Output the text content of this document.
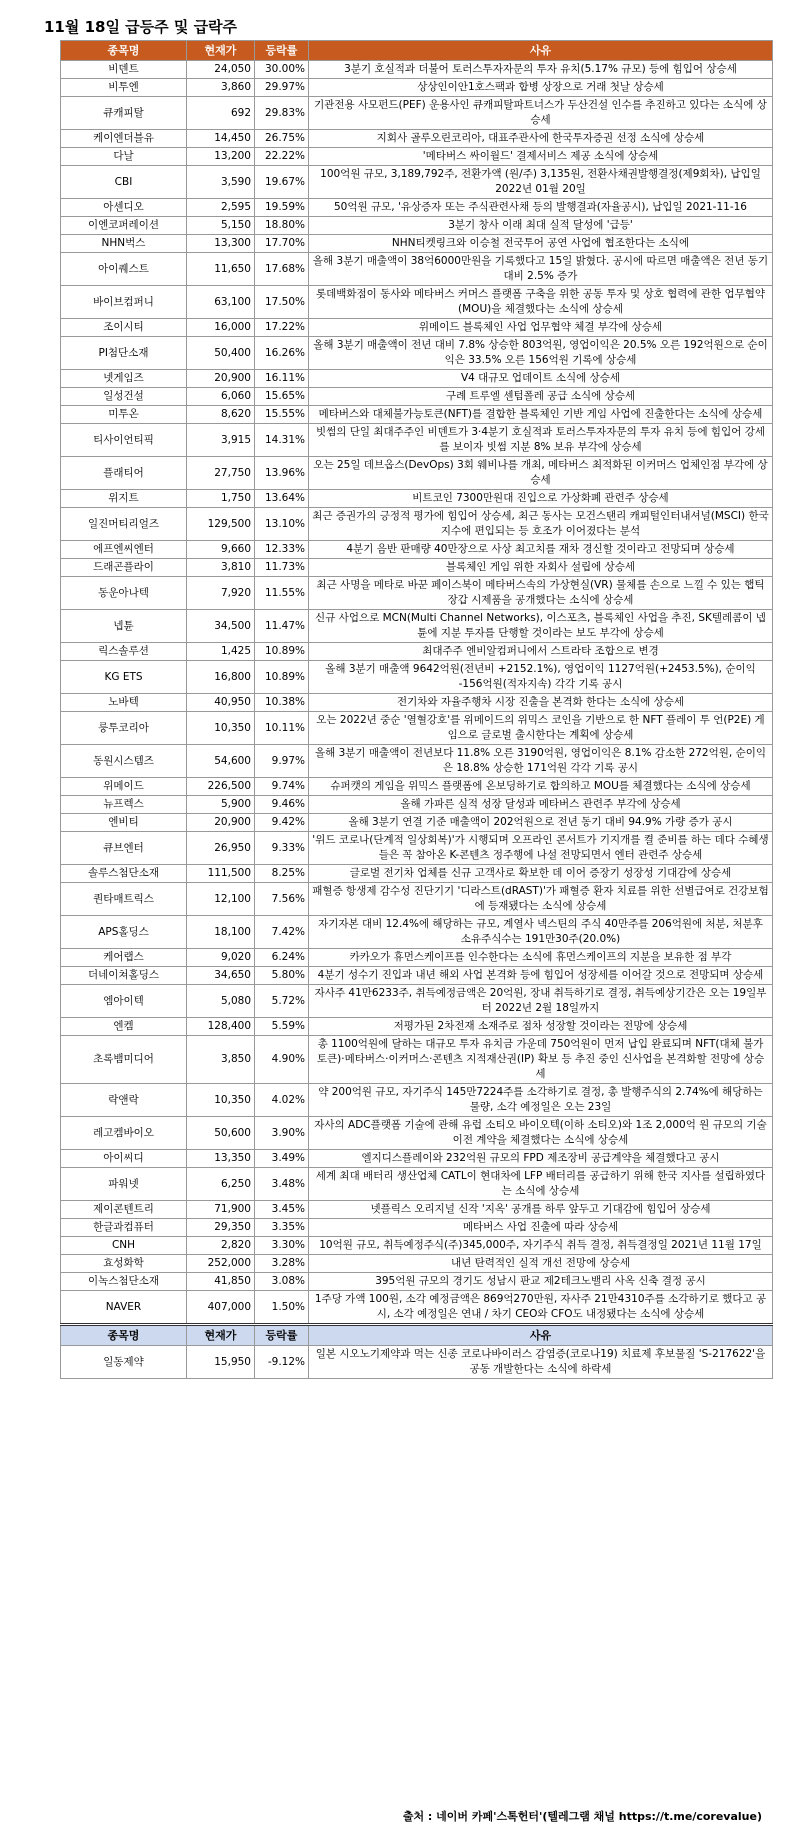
11월 18일 급등주 및 급락주
종목명	현재가	등락률	사유
비덴트	24,050	30.00%	3분기 호실적과 더불어 토러스투자자문의 투자 유치(5.17% 규모) 등에 힘입어 상승세
비투엔	3,860	29.97%	상상인이안1호스팩과 합병 상장으로 거래 첫날 상승세
큐캐피탈	692	29.83%	기관전용 사모펀드(PEF) 운용사인 큐캐피탈파트너스가 두산건설 인수를 추진하고 있다는 소식에 상승세
케이엔더블유	14,450	26.75%	지회사 골루오린코리아, 대표주관사에 한국투자증권 선정 소식에 상승세
다날	13,200	22.22%	'메타버스 싸이월드' 결제서비스 제공 소식에 상승세
CBI	3,590	19.67%	100억원 규모, 3,189,792주, 전환가액 (원/주) 3,135원, 전환사채권발행결정(제9회차), 납입일 2022년 01월 20일
아센디오	2,595	19.59%	50억원 규모, '유상증자 또는 주식관련사채 등의 발행결과(자율공시), 납입일 2021-11-16
이엔코퍼레이션	5,150	18.80%	3분기 창사 이래 최대 실적 달성에 '급등'
NHN벅스	13,300	17.70%	NHN티켓링크와 이승철 전국투어 공연 사업에 협조한다는 소식에
아이퀘스트	11,650	17.68%	올해 3분기 매출액이 38억6000만원을 기록했다고 15일 밝혔다. 공시에 따르면 매출액은 전년 동기대비 2.5% 증가
바이브컴퍼니	63,100	17.50%	롯데백화점이 동사와 메타버스 커머스 플랫폼 구축을 위한 공동 투자 및 상호 협력에 관한 업무협약(MOU)을 체결했다는 소식에 상승세
조이시티	16,000	17.22%	위메이드 블록체인 사업 업무협약 체결 부각에 상승세
PI첨단소재	50,400	16.26%	올해 3분기 매출액이 전년 대비 7.8% 상승한 803억원, 영업이익은 20.5% 오른 192억원으로 순이익은 33.5% 오른 156억원 기록에 상승세
넷게임즈	20,900	16.11%	V4 대규모 업데이트 소식에 상승세
일성건설	6,060	15.65%	구례 트루엘 센텀폴레 공급 소식에 상승세
미투온	8,620	15.55%	메타버스와 대체불가능토큰(NFT)를 결합한 블록체인 기반 게임 사업에 진출한다는 소식에 상승세
티사이언티픽	3,915	14.31%	빗썸의 단일 최대주주인 비덴트가 3·4분기 호실적과 토러스투자자문의 투자 유치 등에 힘입어 강세를 보이자 빗썸 지분 8% 보유 부각에 상승세
플래티어	27,750	13.96%	오는 25일 데브옵스(DevOps) 3회 웨비나를 개최, 메타버스 최적화된 이커머스 업체인점 부각에 상승세
위지트	1,750	13.64%	비트코인 7300만원대 진입으로 가상화폐 관련주 상승세
일진머티리얼즈	129,500	13.10%	최근 증권가의 긍정적 평가에 힘입어 상승세, 최근 동사는 모건스탠리 캐피털인터내셔널(MSCI) 한국 지수에 편입되는 등 호조가 이어졌다는 분석
에프엔씨엔터	9,660	12.33%	4분기 음반 판매량 40만장으로 사상 최고치를 재차 경신할 것이라고 전망되며 상승세
드래곤플라이	3,810	11.73%	블록체인 게임 위한 자회사 설립에 상승세
동운아나텍	7,920	11.55%	최근 사명을 메타로 바꾼 페이스북이 메타버스속의 가상현실(VR) 물체를 손으로 느낄 수 있는 햅틱 장갑 시제품을 공개했다는 소식에 상승세
넵튠	34,500	11.47%	신규 사업으로 MCN(Multi Channel Networks), 이스포츠, 블록체인 사업을 추진, SK텔레콤이 넵튠에 지분 투자를 단행할 것이라는 보도 부각에 상승세
릭스솔루션	1,425	10.89%	최대주주 엔비알컴퍼니에서 스트라타 조합으로 변경
KG ETS	16,800	10.89%	올해 3분기 매출액 9642억원(전년비 +2152.1%), 영업이익 1127억원(+2453.5%), 순이익 -156억원(적자지속) 각각 기록 공시
노바텍	40,950	10.38%	전기차와 자율주행차 시장 진출을 본격화 한다는 소식에 상승세
룽투코리아	10,350	10.11%	오는 2022년 중순 '열혈강호'를 위메이드의 위믹스 코인을 기반으로 한 NFT 플레이 투 언(P2E) 게임으로 글로벌 출시한다는 계획에 상승세
동원시스템즈	54,600	9.97%	올해 3분기 매출액이 전년보다 11.8% 오른 3190억원, 영업이익은 8.1% 감소한 272억원, 순이익은 18.8% 상승한 171억원 각각 기록 공시
위메이드	226,500	9.74%	슈퍼캣의 게임을 위믹스 플랫폼에 온보딩하기로 합의하고 MOU를 체결했다는 소식에 상승세
뉴프렉스	5,900	9.46%	올해 가파른 실적 성장 달성과 메타버스 관련주 부각에 상승세
엔비티	20,900	9.42%	올해 3분기 연결 기준 매출액이 202억원으로 전년 동기 대비 94.9% 가량 증가 공시
큐브엔터	26,950	9.33%	'위드 코로나(단계적 일상회복)'가 시행되며 오프라인 콘서트가 기지개를 켤 준비를 하는 데다 수혜생들은 꼭 참아온 K-콘텐츠 정주행에 나설 전망되면서 엔터 관련주 상승세
솔루스첨단소재	111,500	8.25%	글로벌 전기차 업체를 신규 고객사로 확보한 데 이어 증장기 성장성 기대감에 상승세
퀀타매트릭스	12,100	7.56%	패혈증 항생제 감수성 진단기기 '디라스트(dRAST)'가 패혈증 환자 치료를 위한 선별급여로 건강보험에 등재됐다는 소식에 상승세
APS홀딩스	18,100	7.42%	자기자본 대비 12.4%에 해당하는 규모, 계열사 넥스틴의 주식 40만주를 206억원에 처분, 처분후 소유주식수는 191만30주(20.0%)
케어랩스	9,020	6.24%	카카오가 휴먼스케이프를 인수한다는 소식에 휴먼스케이프의 지분을 보유한 점 부각
더네이쳐홀딩스	34,650	5.80%	4분기 성수기 진입과 내년 해외 사업 본격화 등에 힘입어 성장세를 이어갈 것으로 전망되며 상승세
엠아이텍	5,080	5.72%	자사주 41만6233주, 취득예정금액은 20억원, 장내 취득하기로 결정, 취득예상기간은 오는 19일부터 2022년 2월 18일까지
엔켐	128,400	5.59%	저평가된 2차전재 소재주로 점차 성장할 것이라는 전망에 상승세
초록뱀미디어	3,850	4.90%	총 1100억원에 달하는 대규모 투자 유치금 가운데 750억원이 먼저 납입 완료되며 NFT(대체 불가 토큰)·메타버스·이커머스·콘텐츠 지적재산권(IP) 확보 등 추진 중인 신사업을 본격화할 전망에 상승세
락앤락	10,350	4.02%	약 200억원 규모, 자기주식 145만7224주를 소각하기로 결정, 총 발행주식의 2.74%에 해당하는 물량, 소각 예정일은 오는 23일
레고켐바이오	50,600	3.90%	자사의 ADC플랫폼 기술에 관해 유럽 소티오 바이오텍(이하 소티오)와 1조 2,000억 원 규모의 기술 이전 계약을 체결했다는 소식에 상승세
아이씨디	13,350	3.49%	엘지디스플레이와 232억원 규모의 FPD 제조장비 공급계약을 체결했다고 공시
파워넷	6,250	3.48%	세계 최대 배터리 생산업체 CATL이 현대차에 LFP 배터리를 공급하기 위해 한국 지사를 설립하였다는 소식에 상승세
제이콘텐트리	71,900	3.45%	넷플릭스 오리지널 신작 '지옥' 공개를 하루 앞두고 기대감에 힘입어 상승세
한글과컴퓨터	29,350	3.35%	메타버스 사업 진출에 따라 상승세
CNH	2,820	3.30%	10억원 규모, 취득예정주식(주)345,000주, 자기주식 취득 결정, 취득결정일 2021년 11월 17일
효성화학	252,000	3.28%	내년 탄력적인 실적 개선 전망에 상승세
이녹스첨단소재	41,850	3.08%	395억원 규모의 경기도 성남시 판교 제2테크노밸리 사옥 신축 결정 공시
NAVER	407,000	1.50%	1주당 가액 100원, 소각 예정금액은 869억270만원, 자사주 21만4310주를 소각하기로 했다고 공시, 소각 예정일은 연내 / 차기 CEO와 CFO도 내정됐다는 소식에 상승세
종목명	현재가	등락률	사유
일동제약	15,950	-9.12%	일본 시오노기제약과 먹는 신종 코로나바이러스 감염증(코로나19) 치료제 후보물질 'S-217622'을 공동 개발한다는 소식에 하락세
출처 : 네이버 카페'스톡헌터'(텔레그램 채널 https://t.me/corevalue)
